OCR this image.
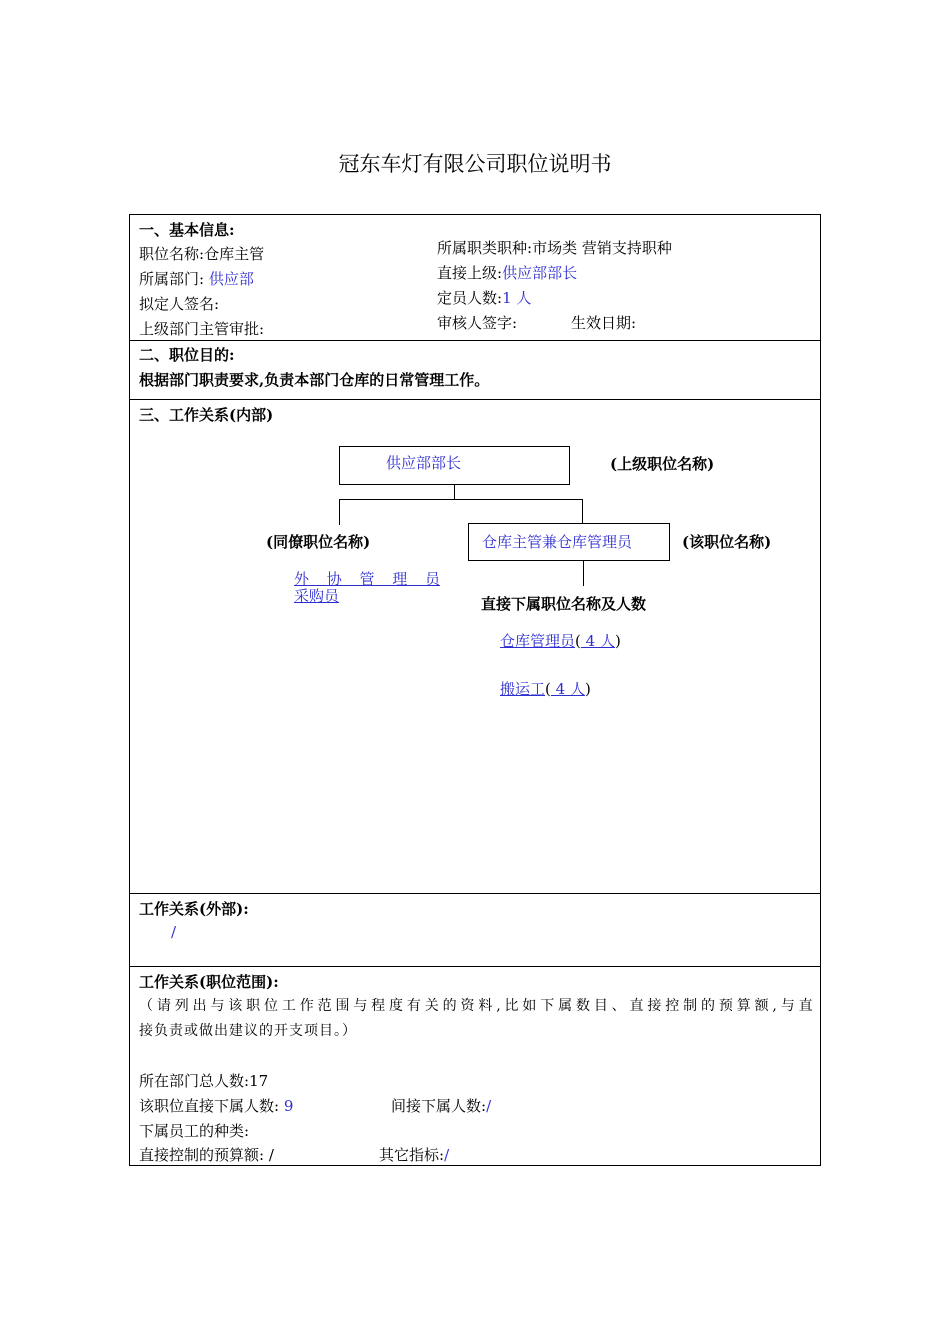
冠东车灯有限公司职位说明书
一、基本信息:
职位名称:仓库主管
所属部门: 供应部
拟定人签名:
上级部门主管审批:
所属职类职种:市场类 营销支持职种
直接上级:供应部部长
定员人数:1 人
审核人签字:	生效日期:
二、职位目的:
根据部门职责要求,负责本部门仓库的日常管理工作。
三、工作关系(内部)
供应部部长	(上级职位名称)
(同僚职位名称)	仓库主管兼仓库管理员	(该职位名称)
外 协 管 理 员
采购员	直接下属职位名称及人数
仓库管理员( 4 人)
搬运工( 4 人)
工作关系(外部):
/
工作关系(职位范围):
（请列出与该职位工作范围与程度有关的资料,比如下属数目、直接控制的预算额,与直
接负责或做出建议的开支项目。）
所在部门总人数:17
该职位直接下属人数: 9	间接下属人数:/
下属员工的种类:
直接控制的预算额: /	其它指标:/
